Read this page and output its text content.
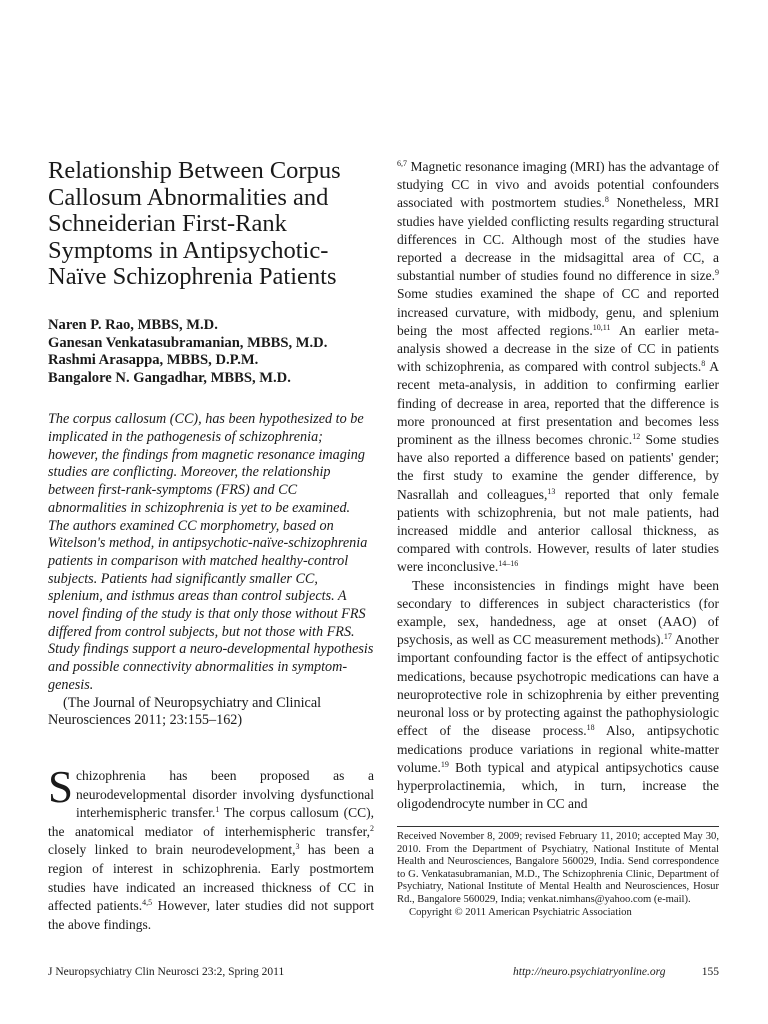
Relationship Between Corpus Callosum Abnormalities and Schneiderian First-Rank Symptoms in Antipsychotic-Naïve Schizophrenia Patients
Naren P. Rao, MBBS, M.D.
Ganesan Venkatasubramanian, MBBS, M.D.
Rashmi Arasappa, MBBS, D.P.M.
Bangalore N. Gangadhar, MBBS, M.D.

The corpus callosum (CC), has been hypothesized to be implicated in the pathogenesis of schizophrenia; however, the findings from magnetic resonance imaging studies are conflicting. Moreover, the relationship between first-rank-symptoms (FRS) and CC abnormalities in schizophrenia is yet to be examined. The authors examined CC morphometry, based on Witelson's method, in antipsychotic-naïve-schizophrenia patients in comparison with matched healthy-control subjects. Patients had significantly smaller CC, splenium, and isthmus areas than control subjects. A novel finding of the study is that only those without FRS differed from control subjects, but not those with FRS. Study findings support a neuro-developmental hypothesis and possible connectivity abnormalities in symptom-genesis.

(The Journal of Neuropsychiatry and Clinical Neurosciences 2011; 23:155–162)

Schizophrenia has been proposed as a neurodevelopmental disorder involving dysfunctional interhemispheric transfer.$^1$ The corpus callosum (CC), the anatomical mediator of interhemispheric transfer,$^2$ closely linked to brain neurodevelopment,$^3$ has been a region of interest in schizophrenia. Early postmortem studies have indicated an increased thickness of CC in affected patients.$^{4,5}$ However, later studies did not support the above findings.

$^{6,7}$ Magnetic resonance imaging (MRI) has the advantage of studying CC in vivo and avoids potential confounders associated with postmortem studies.$^8$ Nonetheless, MRI studies have yielded conflicting results regarding structural differences in CC. Although most of the studies have reported a decrease in the midsagittal area of CC, a substantial number of studies found no difference in size.$^9$ Some studies examined the shape of CC and reported increased curvature, with midbody, genu, and splenium being the most affected regions.$^{10,11}$ An earlier meta-analysis showed a decrease in the size of CC in patients with schizophrenia, as compared with control subjects.$^8$ A recent meta-analysis, in addition to confirming earlier finding of decrease in area, reported that the difference is more pronounced at first presentation and becomes less prominent as the illness becomes chronic.$^{12}$ Some studies have also reported a difference based on patients' gender; the first study to examine the gender difference, by Nasrallah and colleagues,$^{13}$ reported that only female patients with schizophrenia, but not male patients, had increased middle and anterior callosal thickness, as compared with controls. However, results of later studies were inconclusive.$^{14-16}$

These inconsistencies in findings might have been secondary to differences in subject characteristics (for example, sex, handedness, age at onset (AAO) of psychosis, as well as CC measurement methods).$^{17}$ Another important confounding factor is the effect of antipsychotic medications, because psychotropic medications can have a neuroprotective role in schizophrenia by either preventing neuronal loss or by protecting against the pathophysiologic effect of the disease process.$^{18}$ Also, antipsychotic medications produce variations in regional white-matter volume.$^{19}$ Both typical and atypical antipsychotics cause hyperprolactinemia, which, in turn, increase the oligodendrocyte number in CC and

Received November 8, 2009; revised February 11, 2010; accepted May 30, 2010. From the Department of Psychiatry, National Institute of Mental Health and Neurosciences, Bangalore 560029, India. Send correspondence to G. Venkatasubramanian, M.D., The Schizophrenia Clinic, Department of Psychiatry, National Institute of Mental Health and Neurosciences, Hosur Rd., Bangalore 560029, India; venkat.nimhans@yahoo.com (e-mail).
Copyright © 2011 American Psychiatric Association
J Neuropsychiatry Clin Neurosci 23:2, Spring 2011	http://neuro.psychiatryonline.org	155
